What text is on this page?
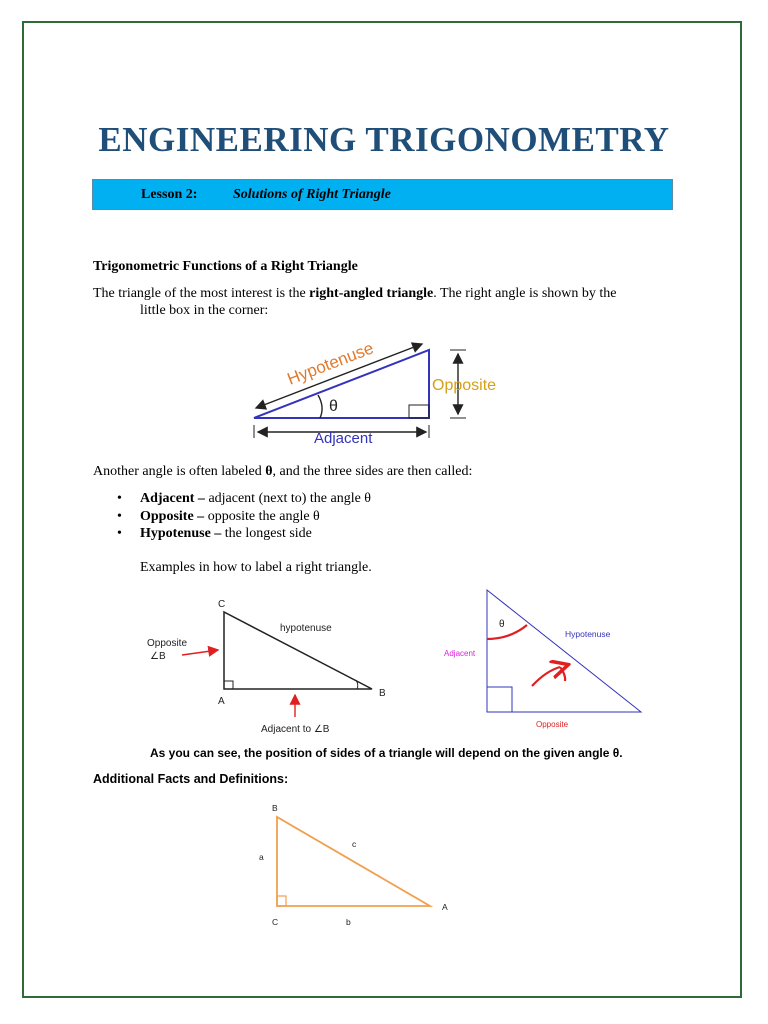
ENGINEERING TRIGONOMETRY
Lesson 2:	Solutions of Right Triangle
Trigonometric Functions of a Right Triangle

The triangle of the most interest is the right-angled triangle. The right angle is shown by the
little box in the corner:

Hypotenuse	Opposite
Adjacent
θ

Another angle is often labeled θ, and the three sides are then called:

• Adjacent – adjacent (next to) the angle θ
• Opposite – opposite the angle θ
• Hypotenuse – the longest side

Examples in how to label a right triangle.

C
A
B
hypotenuse
Opposite
∠B
Adjacent to ∠B
θ
Hypotenuse
Adjacent
Opposite

As you can see, the position of sides of a triangle will depend on the given angle θ.

Additional Facts and Definitions:

B
C
A
a
b
c
